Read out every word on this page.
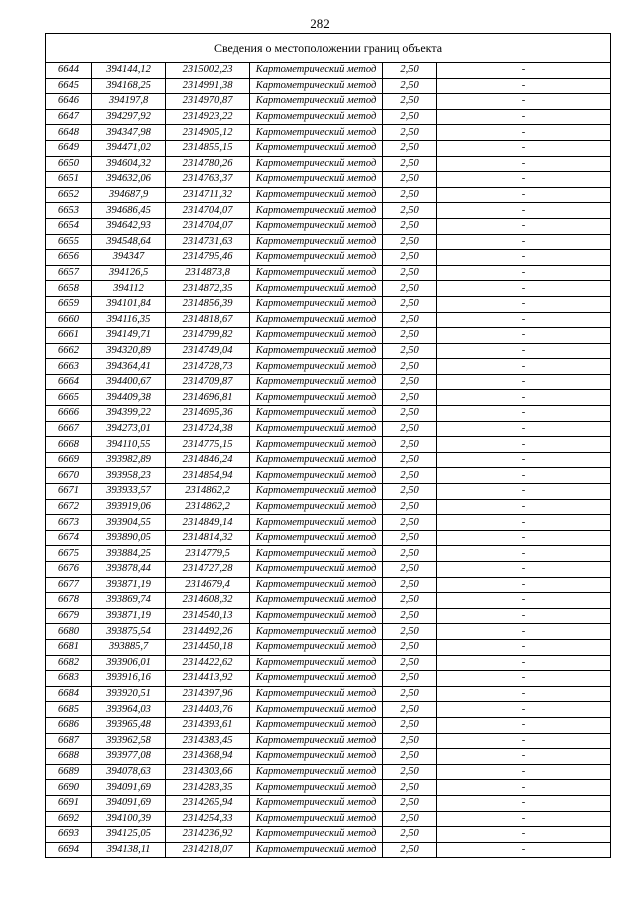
282
Сведения о местоположении границ объекта					
6644	394144,12	2315002,23	Картометрический метод	2,50	-
6645	394168,25	2314991,38	Картометрический метод	2,50	-
6646	394197,8	2314970,87	Картометрический метод	2,50	-
6647	394297,92	2314923,22	Картометрический метод	2,50	-
6648	394347,98	2314905,12	Картометрический метод	2,50	-
6649	394471,02	2314855,15	Картометрический метод	2,50	-
6650	394604,32	2314780,26	Картометрический метод	2,50	-
6651	394632,06	2314763,37	Картометрический метод	2,50	-
6652	394687,9	2314711,32	Картометрический метод	2,50	-
6653	394686,45	2314704,07	Картометрический метод	2,50	-
6654	394642,93	2314704,07	Картометрический метод	2,50	-
6655	394548,64	2314731,63	Картометрический метод	2,50	-
6656	394347	2314795,46	Картометрический метод	2,50	-
6657	394126,5	2314873,8	Картометрический метод	2,50	-
6658	394112	2314872,35	Картометрический метод	2,50	-
6659	394101,84	2314856,39	Картометрический метод	2,50	-
6660	394116,35	2314818,67	Картометрический метод	2,50	-
6661	394149,71	2314799,82	Картометрический метод	2,50	-
6662	394320,89	2314749,04	Картометрический метод	2,50	-
6663	394364,41	2314728,73	Картометрический метод	2,50	-
6664	394400,67	2314709,87	Картометрический метод	2,50	-
6665	394409,38	2314696,81	Картометрический метод	2,50	-
6666	394399,22	2314695,36	Картометрический метод	2,50	-
6667	394273,01	2314724,38	Картометрический метод	2,50	-
6668	394110,55	2314775,15	Картометрический метод	2,50	-
6669	393982,89	2314846,24	Картометрический метод	2,50	-
6670	393958,23	2314854,94	Картометрический метод	2,50	-
6671	393933,57	2314862,2	Картометрический метод	2,50	-
6672	393919,06	2314862,2	Картометрический метод	2,50	-
6673	393904,55	2314849,14	Картометрический метод	2,50	-
6674	393890,05	2314814,32	Картометрический метод	2,50	-
6675	393884,25	2314779,5	Картометрический метод	2,50	-
6676	393878,44	2314727,28	Картометрический метод	2,50	-
6677	393871,19	2314679,4	Картометрический метод	2,50	-
6678	393869,74	2314608,32	Картометрический метод	2,50	-
6679	393871,19	2314540,13	Картометрический метод	2,50	-
6680	393875,54	2314492,26	Картометрический метод	2,50	-
6681	393885,7	2314450,18	Картометрический метод	2,50	-
6682	393906,01	2314422,62	Картометрический метод	2,50	-
6683	393916,16	2314413,92	Картометрический метод	2,50	-
6684	393920,51	2314397,96	Картометрический метод	2,50	-
6685	393964,03	2314403,76	Картометрический метод	2,50	-
6686	393965,48	2314393,61	Картометрический метод	2,50	-
6687	393962,58	2314383,45	Картометрический метод	2,50	-
6688	393977,08	2314368,94	Картометрический метод	2,50	-
6689	394078,63	2314303,66	Картометрический метод	2,50	-
6690	394091,69	2314283,35	Картометрический метод	2,50	-
6691	394091,69	2314265,94	Картометрический метод	2,50	-
6692	394100,39	2314254,33	Картометрический метод	2,50	-
6693	394125,05	2314236,92	Картометрический метод	2,50	-
6694	394138,11	2314218,07	Картометрический метод	2,50	-
